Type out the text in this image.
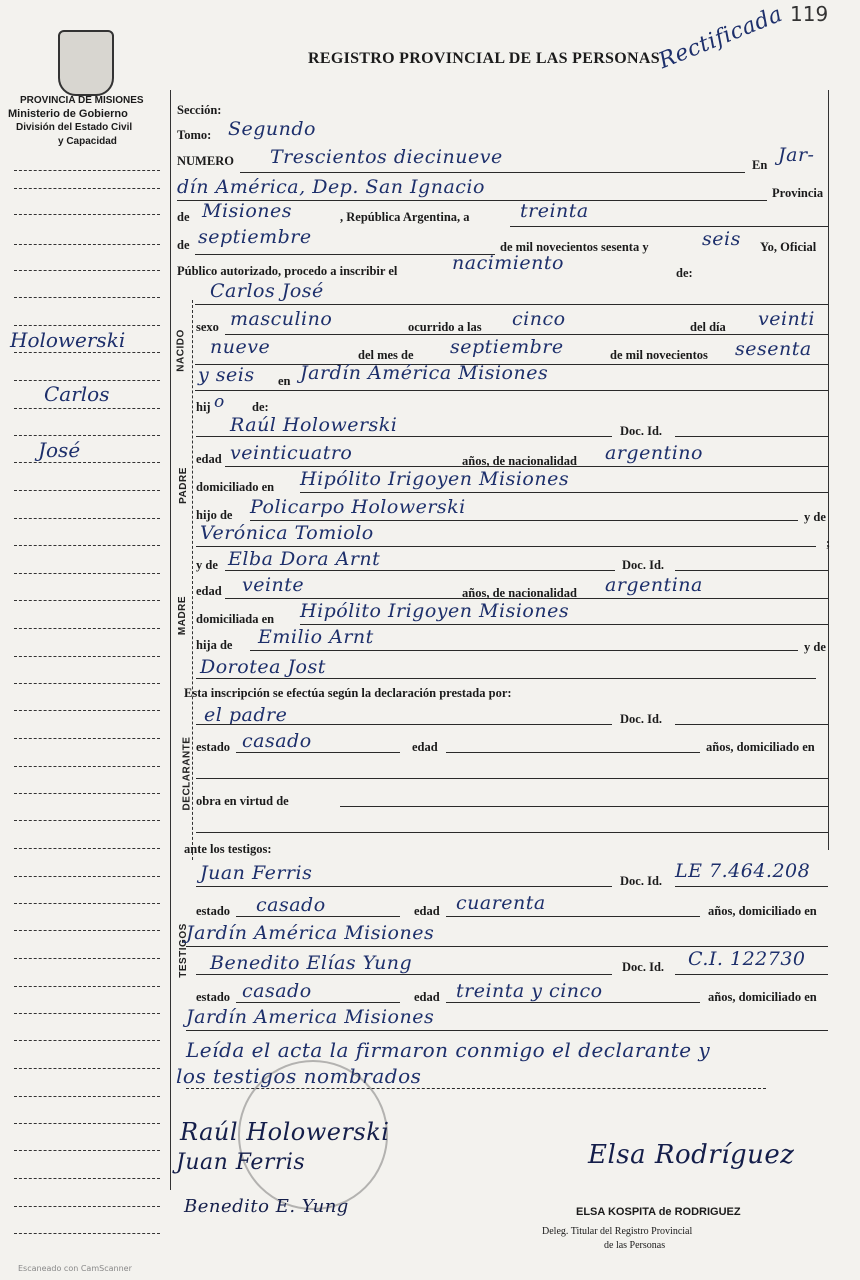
PROVINCIA DE MISIONES
Ministerio de Gobierno
División del Estado Civil
y Capacidad
Holowerski
Carlos
José
REGISTRO PROVINCIAL DE LAS PERSONAS
Rectificada 119
NACIDO
PADRE
MADRE
DECLARANTE
TESTIGOS
Sección:
Tomo: Segundo
NUMERO Trescientos diecinueve	En Jar-
dín América, Dep. San Ignacio	Provincia
de Misiones	, República Argentina, a	treinta
de septiembre	de mil novecientos sesenta y	seis Yo, Oficial
Público autorizado, procedo a inscribir el	nacimiento	de:
Carlos José
sexo masculino	ocurrido a las cinco	del día veinti
nueve	del mes de septiembre	de mil novecientos sesenta
y seis en Jardín América Misiones
hij o de:
Raúl Holowerski	Doc. Id.
edad veinticuatro	años, de nacionalidad argentino
domiciliado en Hipólito Irigoyen Misiones
hijo de Policarpo Holowerski	y de
Verónica Tomiolo	;
y de Elba Dora Arnt	Doc. Id.
edad veinte	años, de nacionalidad argentina
domiciliada en Hipólito Irigoyen Misiones
hija de Emilio Arnt	y de
Dorotea Jost
Esta inscripción se efectúa según la declaración prestada por:
el padre	Doc. Id.
estado casado	edad	años, domiciliado en
obra en virtud de
ante los testigos:
Juan Ferris	Doc. Id. LE 7.464.208
estado casado	edad cuarenta	años, domiciliado en
Jardín América Misiones
Benedito Elías Yung	Doc. Id. C.I. 122730
estado casado	edad treinta y cinco	años, domiciliado en
Jardín America Misiones
Leída el acta la firmaron conmigo el declarante y
los testigos nombrados
Raúl Holowerski
Juan Ferris
Benedito E. Yung
Elsa Rodríguez
ELSA KOSPITA de RODRIGUEZ
Deleg. Titular del Registro Provincial
de las Personas
Escaneado con CamScanner
